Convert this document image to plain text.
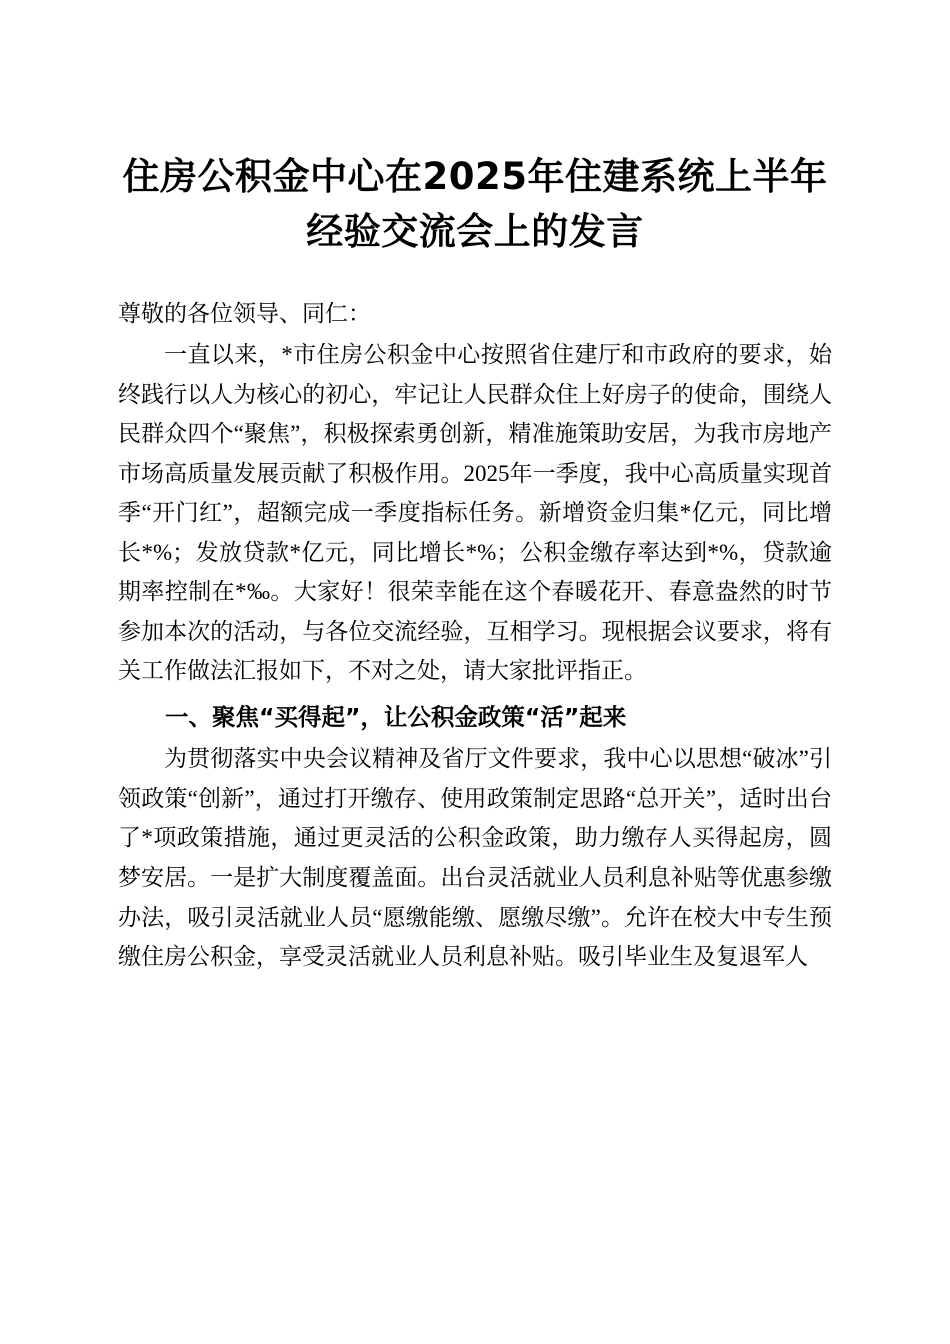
住房公积金中心在2025年住建系统上半年经验交流会上的发言

尊敬的各位领导、同仁：

一直以来，*市住房公积金中心按照省住建厅和市政府的要求，始终践行以人为核心的初心，牢记让人民群众住上好房子的使命，围绕人民群众四个“聚焦”，积极探索勇创新，精准施策助安居，为我市房地产市场高质量发展贡献了积极作用。2025年一季度，我中心高质量实现首季“开门红”，超额完成一季度指标任务。新增资金归集*亿元，同比增长*%；发放贷款*亿元，同比增长*%；公积金缴存率达到*%，贷款逾期率控制在*‰。大家好！很荣幸能在这个春暖花开、春意盎然的时节参加本次的活动，与各位交流经验，互相学习。现根据会议要求，将有关工作做法汇报如下，不对之处，请大家批评指正。

一、聚焦“买得起”，让公积金政策“活”起来

为贯彻落实中央会议精神及省厅文件要求，我中心以思想“破冰”引领政策“创新”，通过打开缴存、使用政策制定思路“总开关”，适时出台了*项政策措施，通过更灵活的公积金政策，助力缴存人买得起房，圆梦安居。一是扩大制度覆盖面。出台灵活就业人员利息补贴等优惠参缴办法，吸引灵活就业人员“愿缴能缴、愿缴尽缴”。允许在校大中专生预缴住房公积金，享受灵活就业人员利息补贴。吸引毕业生及复退军人
